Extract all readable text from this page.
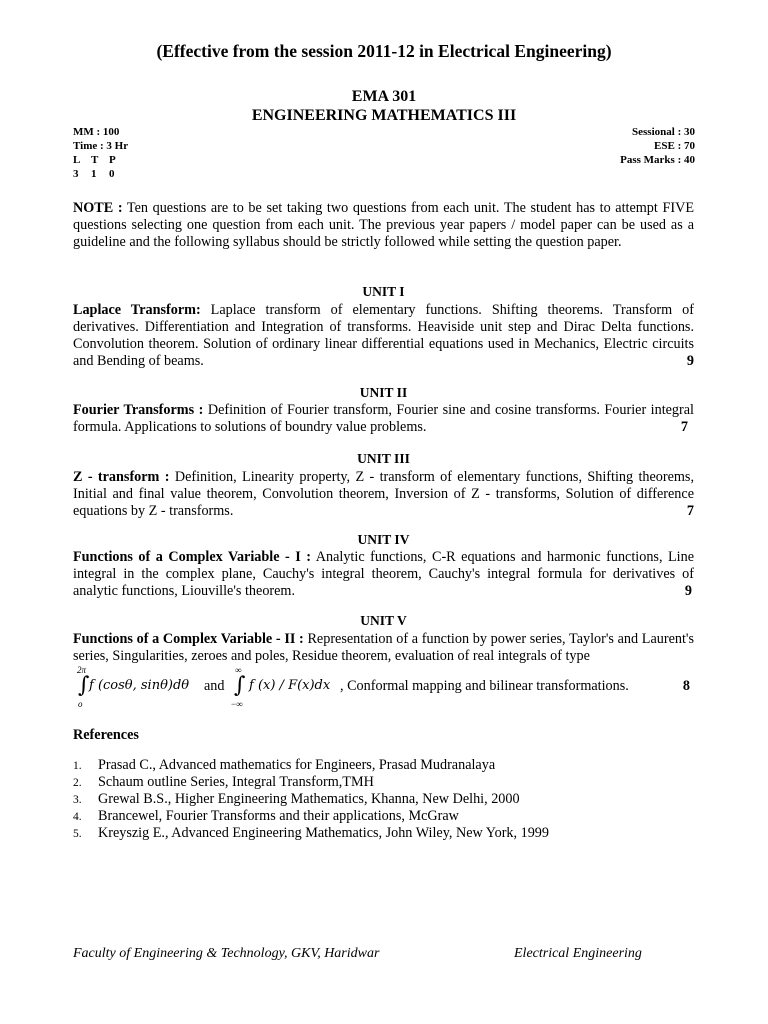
(Effective from the session 2011-12 in Electrical Engineering)
EMA 301
ENGINEERING MATHEMATICS III
MM : 100
Time : 3 Hr
L T P
3 1 0
Sessional : 30
ESE : 70
Pass Marks : 40
NOTE : Ten questions are to be set taking two questions from each unit. The student has to attempt FIVE questions selecting one question from each unit. The previous year papers / model paper can be used as a guideline and the following syllabus should be strictly followed while setting the question paper.
UNIT I
Laplace Transform: Laplace transform of elementary functions. Shifting theorems. Transform of derivatives. Differentiation and Integration of transforms. Heaviside unit step and Dirac Delta functions. Convolution theorem. Solution of ordinary linear differential equations used in Mechanics, Electric circuits and Bending of beams.	9
UNIT II
Fourier Transforms : Definition of Fourier transform, Fourier sine and cosine transforms. Fourier integral formula. Applications to solutions of boundry value problems.	7
UNIT III
Z - transform : Definition, Linearity property, Z - transform of elementary functions, Shifting theorems, Initial and final value theorem, Convolution theorem, Inversion of Z - transforms, Solution of difference equations by Z - transforms.	7
UNIT IV
Functions of a Complex Variable - I : Analytic functions, C-R equations and harmonic functions, Line integral in the complex plane, Cauchy's integral theorem, Cauchy's integral formula for derivatives of analytic functions, Liouville's theorem.	9
UNIT V
Functions of a Complex Variable - II : Representation of a function by power series, Taylor's and Laurent's series, Singularities, zeroes and poles, Residue theorem, evaluation of real integrals of type
2π
∫
o
f (cosθ, sinθ)dθ and
∞
∫
−∞
f (x) / F(x)dx , Conformal mapping and bilinear transformations.	8
References
1. Prasad C., Advanced mathematics for Engineers, Prasad Mudranalaya
2. Schaum outline Series, Integral Transform,TMH
3. Grewal B.S., Higher Engineering Mathematics, Khanna, New Delhi, 2000
4. Brancewel, Fourier Transforms and their applications, McGraw
5. Kreyszig E., Advanced Engineering Mathematics, John Wiley, New York, 1999
Faculty of Engineering & Technology, GKV, Haridwar	Electrical Engineering
